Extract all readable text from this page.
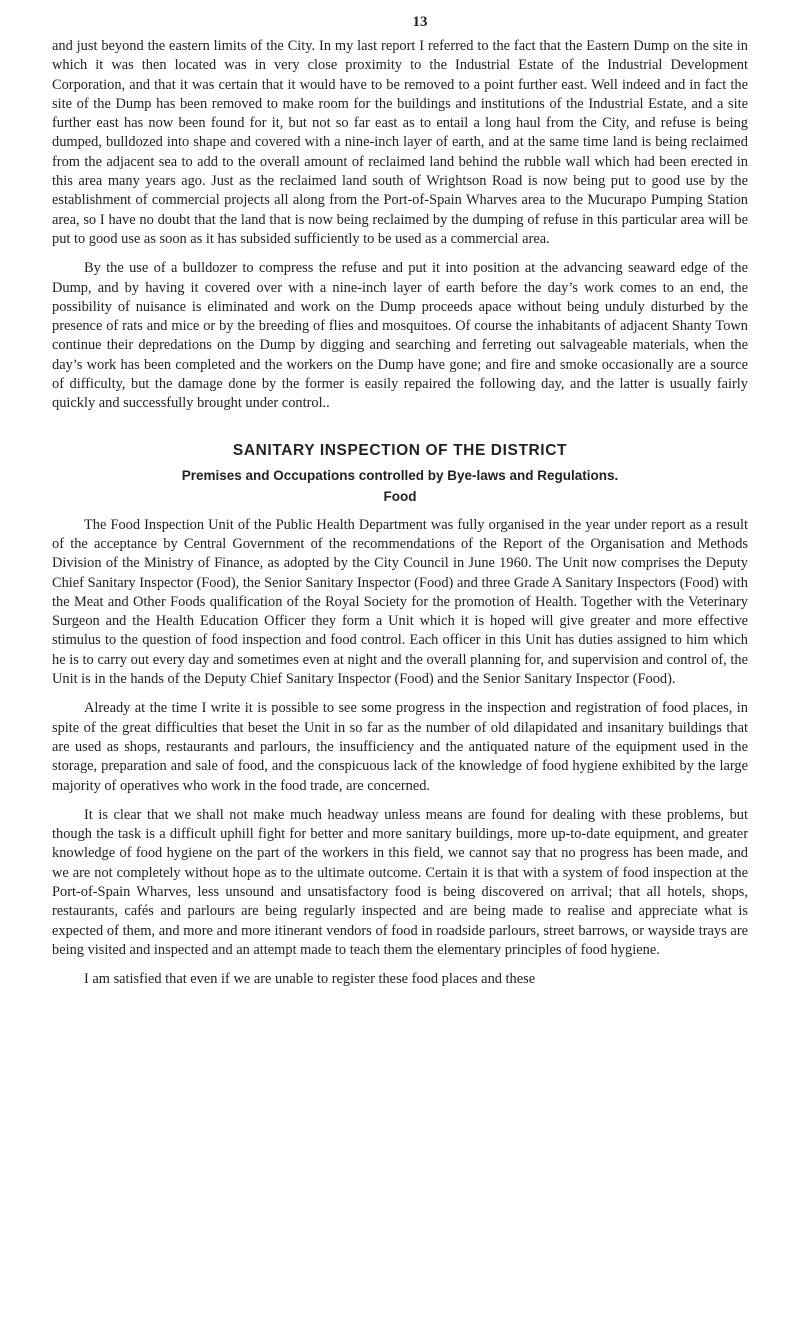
13

and just beyond the eastern limits of the City. In my last report I referred to the fact that the Eastern Dump on the site in which it was then located was in very close proximity to the Industrial Estate of the Industrial Development Corporation, and that it was certain that it would have to be removed to a point further east. Well indeed and in fact the site of the Dump has been removed to make room for the buildings and institutions of the Industrial Estate, and a site further east has now been found for it, but not so far east as to entail a long haul from the City, and refuse is being dumped, bulldozed into shape and covered with a nine-inch layer of earth, and at the same time land is being reclaimed from the adjacent sea to add to the overall amount of reclaimed land behind the rubble wall which had been erected in this area many years ago. Just as the reclaimed land south of Wrightson Road is now being put to good use by the establishment of commercial projects all along from the Port-of-Spain Wharves area to the Mucurapo Pumping Station area, so I have no doubt that the land that is now being reclaimed by the dumping of refuse in this particular area will be put to good use as soon as it has subsided sufficiently to be used as a commercial area.

By the use of a bulldozer to compress the refuse and put it into position at the advancing seaward edge of the Dump, and by having it covered over with a nine-inch layer of earth before the day’s work comes to an end, the possibility of nuisance is eliminated and work on the Dump proceeds apace without being unduly disturbed by the presence of rats and mice or by the breeding of flies and mosquitoes. Of course the inhabitants of adjacent Shanty Town continue their depredations on the Dump by digging and searching and ferreting out salvageable materials, when the day’s work has been completed and the workers on the Dump have gone; and fire and smoke occasionally are a source of difficulty, but the damage done by the former is easily repaired the following day, and the latter is usually fairly quickly and successfully brought under control..

SANITARY INSPECTION OF THE DISTRICT
Premises and Occupations controlled by Bye-laws and Regulations.
Food

The Food Inspection Unit of the Public Health Department was fully organised in the year under report as a result of the acceptance by Central Government of the recommendations of the Report of the Organisation and Methods Division of the Ministry of Finance, as adopted by the City Council in June 1960. The Unit now comprises the Deputy Chief Sanitary Inspector (Food), the Senior Sanitary Inspector (Food) and three Grade A Sanitary Inspectors (Food) with the Meat and Other Foods qualification of the Royal Society for the promotion of Health. Together with the Veterinary Surgeon and the Health Education Officer they form a Unit which it is hoped will give greater and more effective stimulus to the question of food inspection and food control. Each officer in this Unit has duties assigned to him which he is to carry out every day and sometimes even at night and the overall planning for, and supervision and control of, the Unit is in the hands of the Deputy Chief Sanitary Inspector (Food) and the Senior Sanitary Inspector (Food).

Already at the time I write it is possible to see some progress in the inspection and registration of food places, in spite of the great difficulties that beset the Unit in so far as the number of old dilapidated and insanitary buildings that are used as shops, restaurants and parlours, the insufficiency and the antiquated nature of the equipment used in the storage, preparation and sale of food, and the conspicuous lack of the knowledge of food hygiene exhibited by the large majority of operatives who work in the food trade, are concerned.

It is clear that we shall not make much headway unless means are found for dealing with these problems, but though the task is a difficult uphill fight for better and more sanitary buildings, more up-to-date equipment, and greater knowledge of food hygiene on the part of the workers in this field, we cannot say that no progress has been made, and we are not completely without hope as to the ultimate outcome. Certain it is that with a system of food inspection at the Port-of-Spain Wharves, less unsound and unsatisfactory food is being discovered on arrival; that all hotels, shops, restaurants, cafés and parlours are being regularly inspected and are being made to realise and appreciate what is expected of them, and more and more itinerant vendors of food in roadside parlours, street barrows, or wayside trays are being visited and inspected and an attempt made to teach them the elementary principles of food hygiene.

I am satisfied that even if we are unable to register these food places and these
